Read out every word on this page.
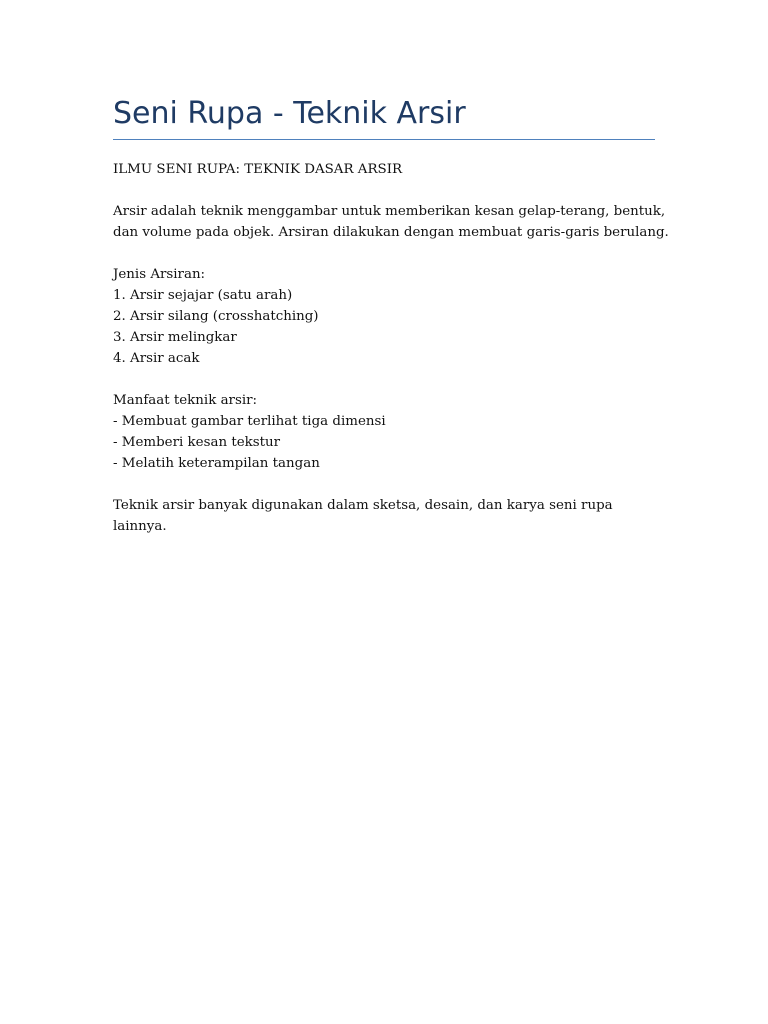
Seni Rupa - Teknik Arsir

ILMU SENI RUPA: TEKNIK DASAR ARSIR

Arsir adalah teknik menggambar untuk memberikan kesan gelap-terang, bentuk,
dan volume pada objek. Arsiran dilakukan dengan membuat garis-garis berulang.

Jenis Arsiran:
1. Arsir sejajar (satu arah)
2. Arsir silang (crosshatching)
3. Arsir melingkar
4. Arsir acak
Manfaat teknik arsir:
- Membuat gambar terlihat tiga dimensi
- Memberi kesan tekstur
- Melatih keterampilan tangan

Teknik arsir banyak digunakan dalam sketsa, desain, dan karya seni rupa lainnya.
